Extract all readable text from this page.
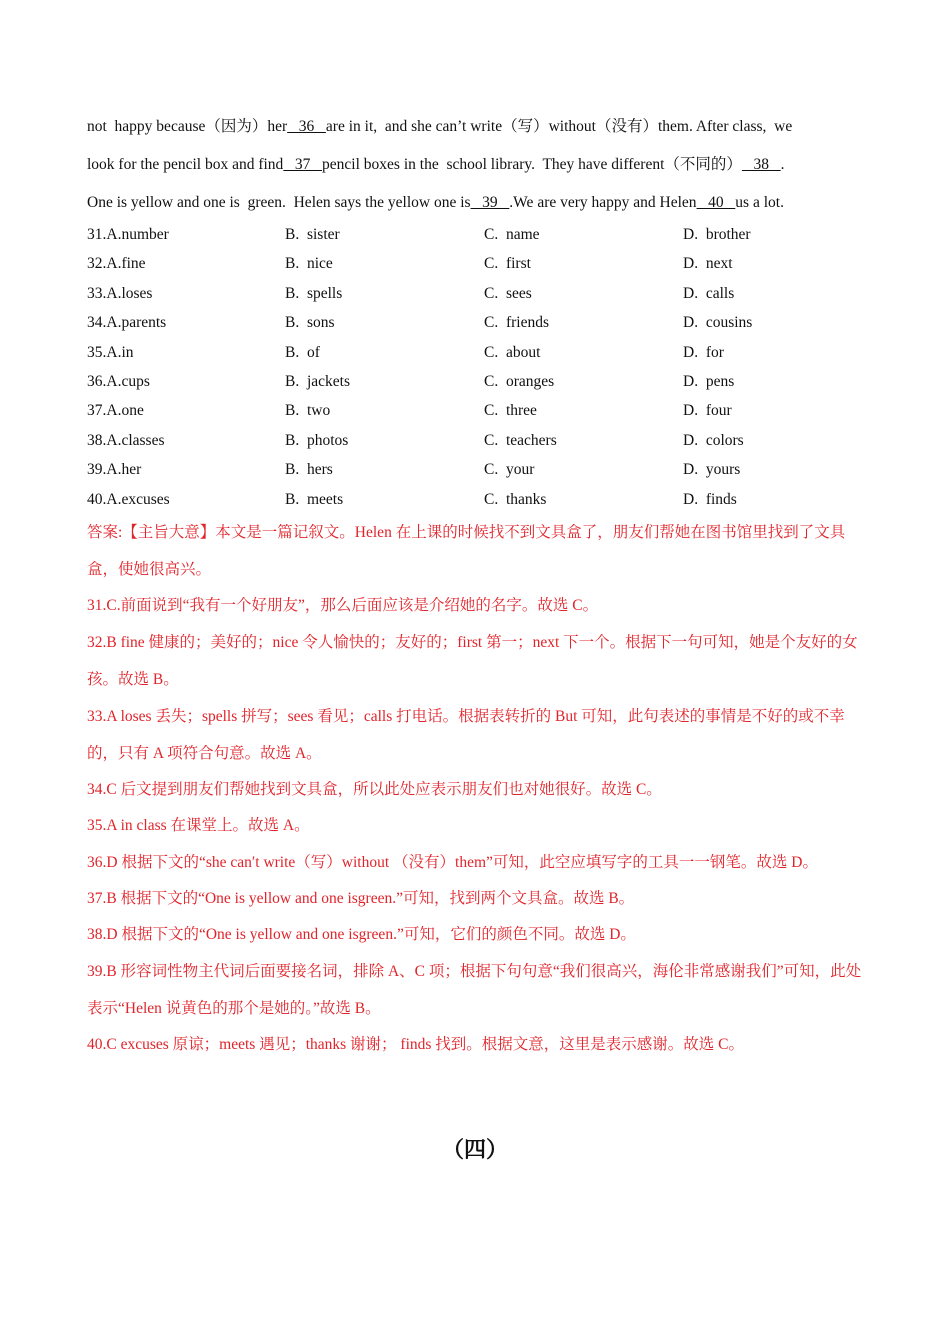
not  happy because（因为）her   36   are in it,  and she can’t write（写）without（没有）them. After class,  we
look for the pencil box and find   37   pencil boxes in the  school library.  They have different（不同的）   38   .
One is yellow and one is  green.  Helen says the yellow one is   39   .We are very happy and Helen   40   us a lot.
31.A.number	B.  sister	C.  name	D.  brother
32.A.fine	B.  nice	C.  first	D.  next
33.A.loses	B.  spells	C.  sees	D.  calls
34.A.parents	B.  sons	C.  friends	D.  cousins
35.A.in	B.  of	C.  about	D.  for
36.A.cups	B.  jackets	C.  oranges	D.  pens
37.A.one	B.  two	C.  three	D.  four
38.A.classes	B.  photos	C.  teachers	D.  colors
39.A.her	B.  hers	C.  your	D.  yours
40.A.excuses	B.  meets	C.  thanks	D.  finds

答案:【主旨大意】本文是一篇记叙文。Helen 在上课的时候找不到文具盒了，朋友们帮她在图书馆里找到了文具盒，使她很高兴。

31.C.前面说到“我有一个好朋友”，那么后面应该是介绍她的名字。故选 C。

32.B fine 健康的；美好的；nice 令人愉快的；友好的；first 第一；next 下一个。根据下一句可知，她是个友好的女孩。故选 B。

33.A loses 丢失；spells 拼写；sees 看见；calls 打电话。根据表转折的 But 可知，此句表述的事情是不好的或不幸的，只有 A 项符合句意。故选 A。

34.C 后文提到朋友们帮她找到文具盒，所以此处应表示朋友们也对她很好。故选 C。

35.A in class 在课堂上。故选 A。

36.D 根据下文的“she can′t write（写）without （没有）them”可知，此空应填写字的工具一一钢笔。故选 D。

37.B 根据下文的“One is yellow and one isgreen.”可知，找到两个文具盒。故选 B。

38.D 根据下文的“One is yellow and one isgreen.”可知，它们的颜色不同。故选 D。

39.B 形容词性物主代词后面要接名词，排除 A、C 项；根据下句句意“我们很高兴，海伦非常感谢我们”可知，此处表示“Helen 说黄色的那个是她的。”故选 B。

40.C excuses 原谅；meets 遇见；thanks 谢谢； finds 找到。根据文意，这里是表示感谢。故选 C。

（四）
